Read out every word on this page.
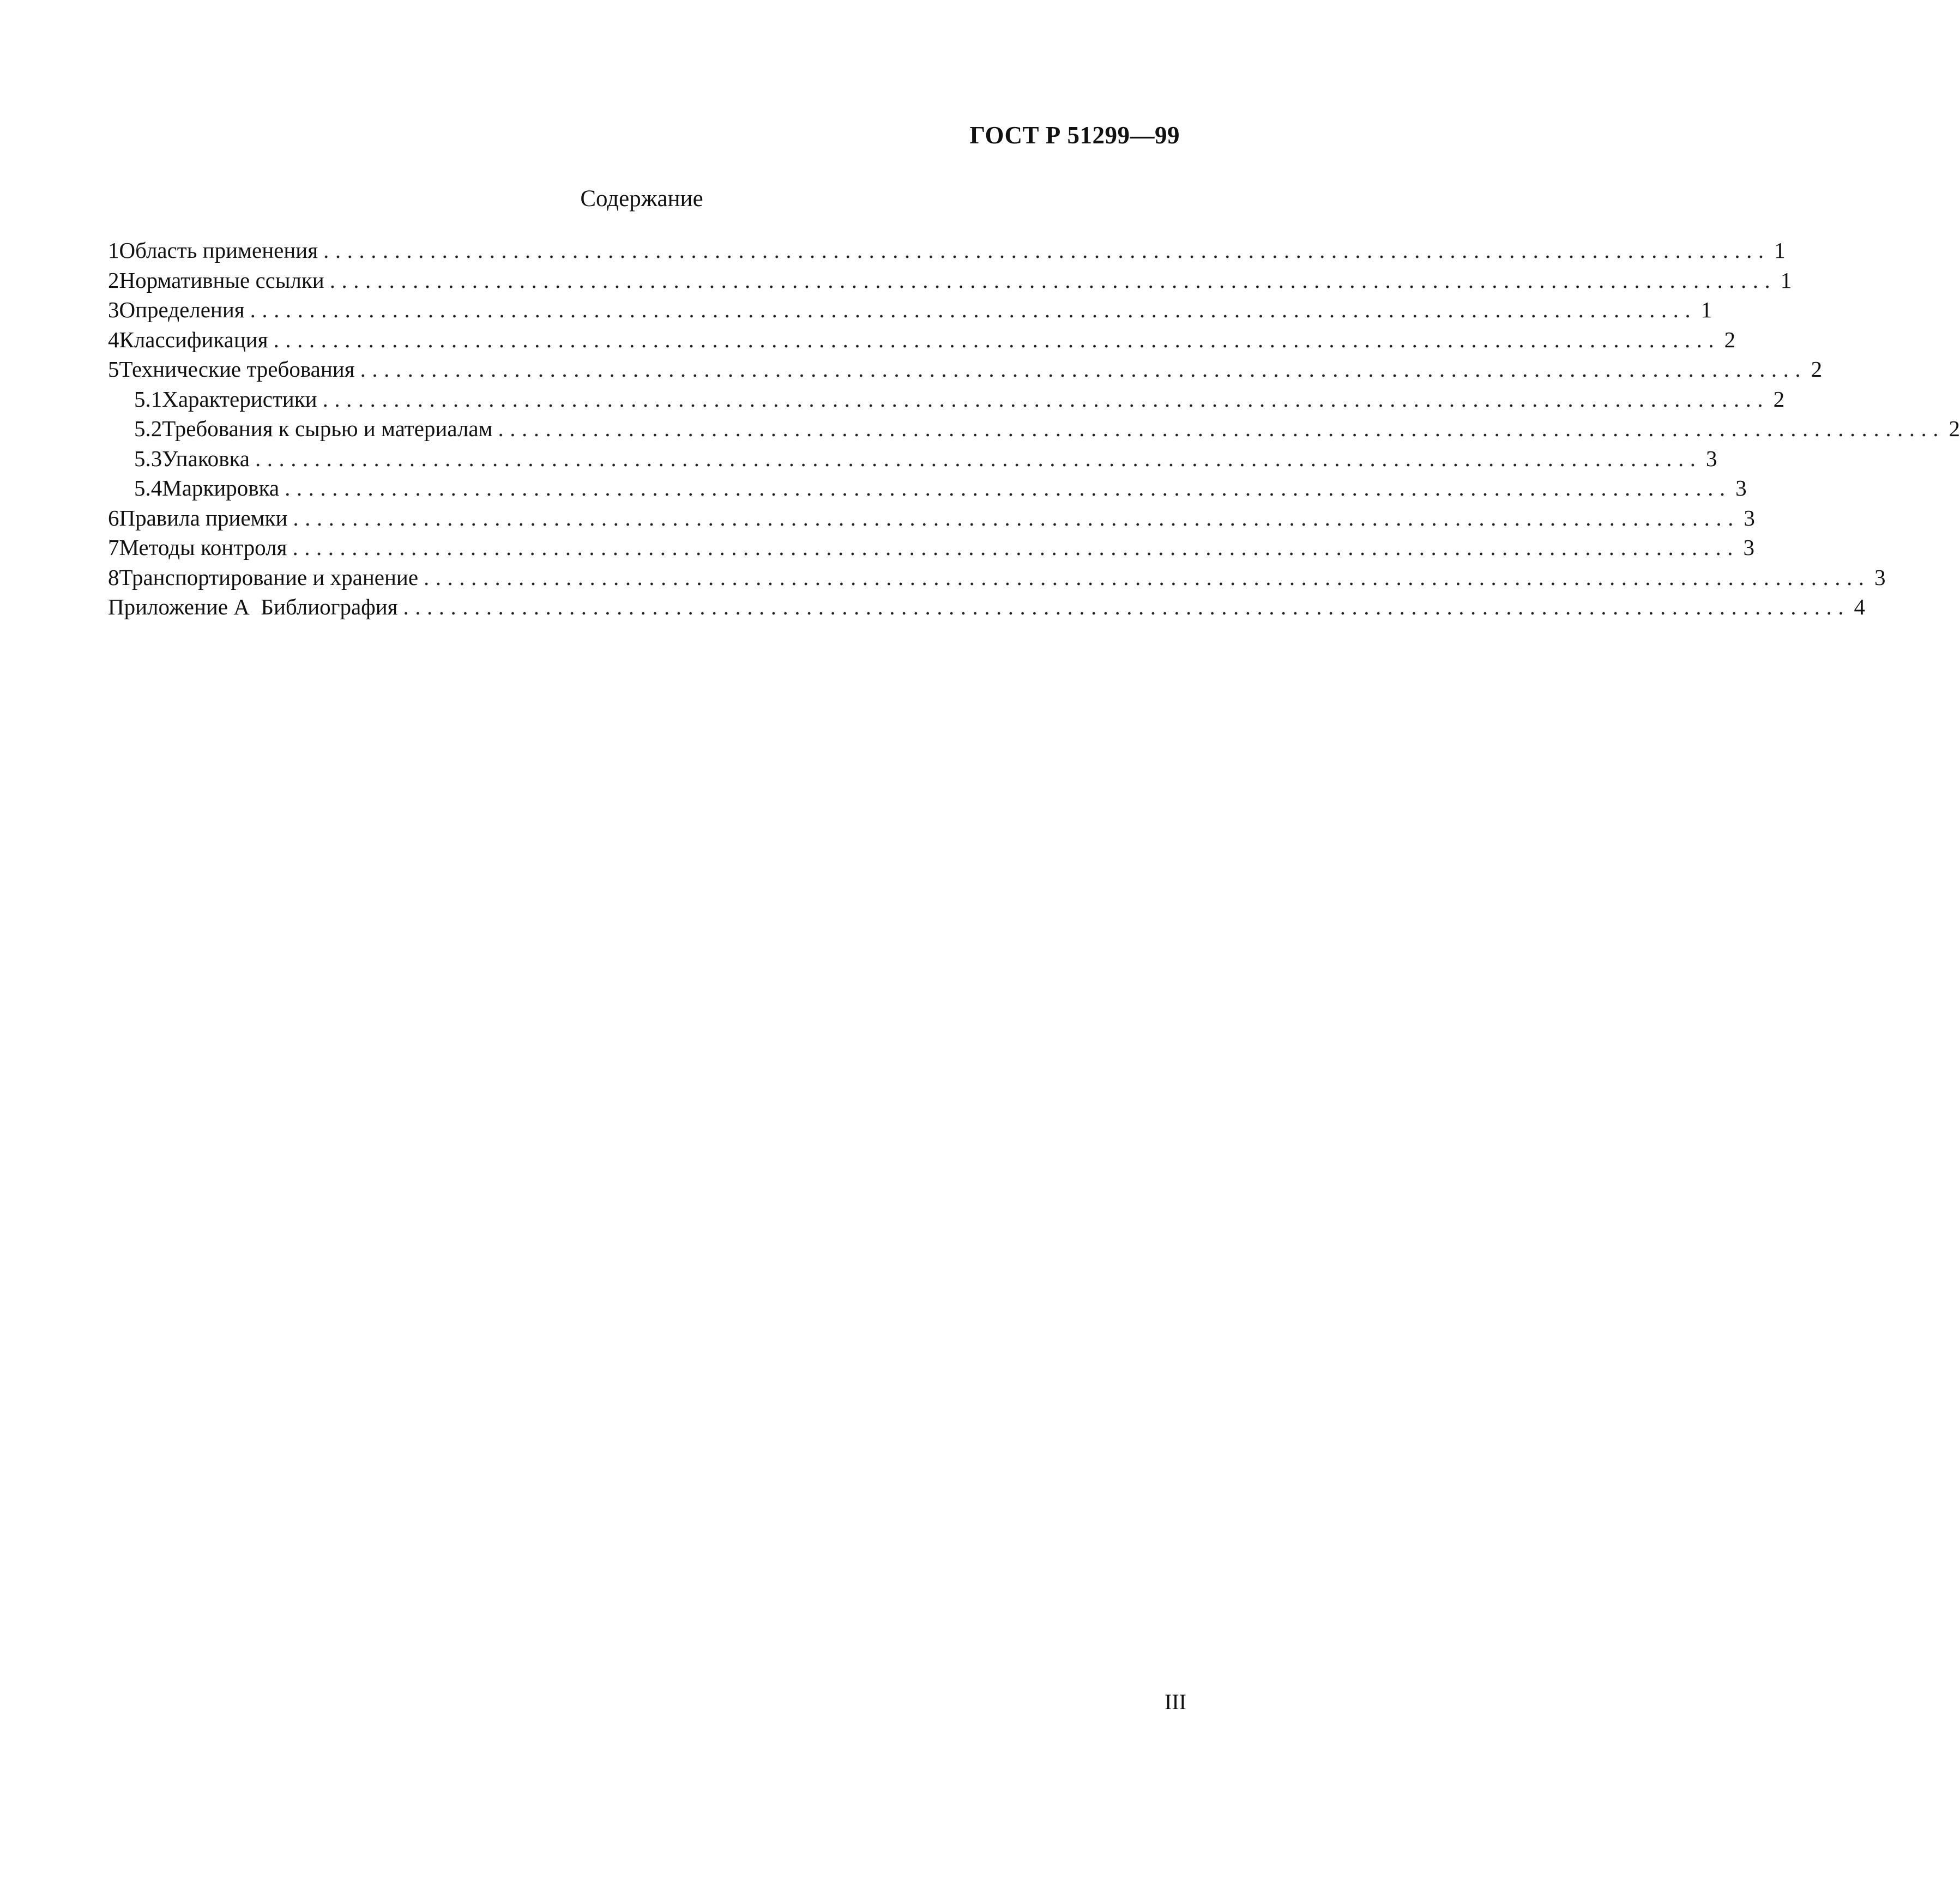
ГОСТ Р 51299—99
Содержание
1 Область применения .......................................................................................................................... 1
2 Нормативные ссылки .......................................................................................................................... 1
3 Определения .......................................................................................................................... 1
4 Классификация .......................................................................................................................... 2
5 Технические требования .......................................................................................................................... 2
5.1 Характеристики .......................................................................................................................... 2
5.2 Требования к сырью и материалам .......................................................................................................................... 2
5.3 Упаковка .......................................................................................................................... 3
5.4 Маркировка .......................................................................................................................... 3
6 Правила приемки .......................................................................................................................... 3
7 Методы контроля .......................................................................................................................... 3
8 Транспортирование и хранение .......................................................................................................................... 3
Приложение А  Библиография .......................................................................................................................... 4
III
